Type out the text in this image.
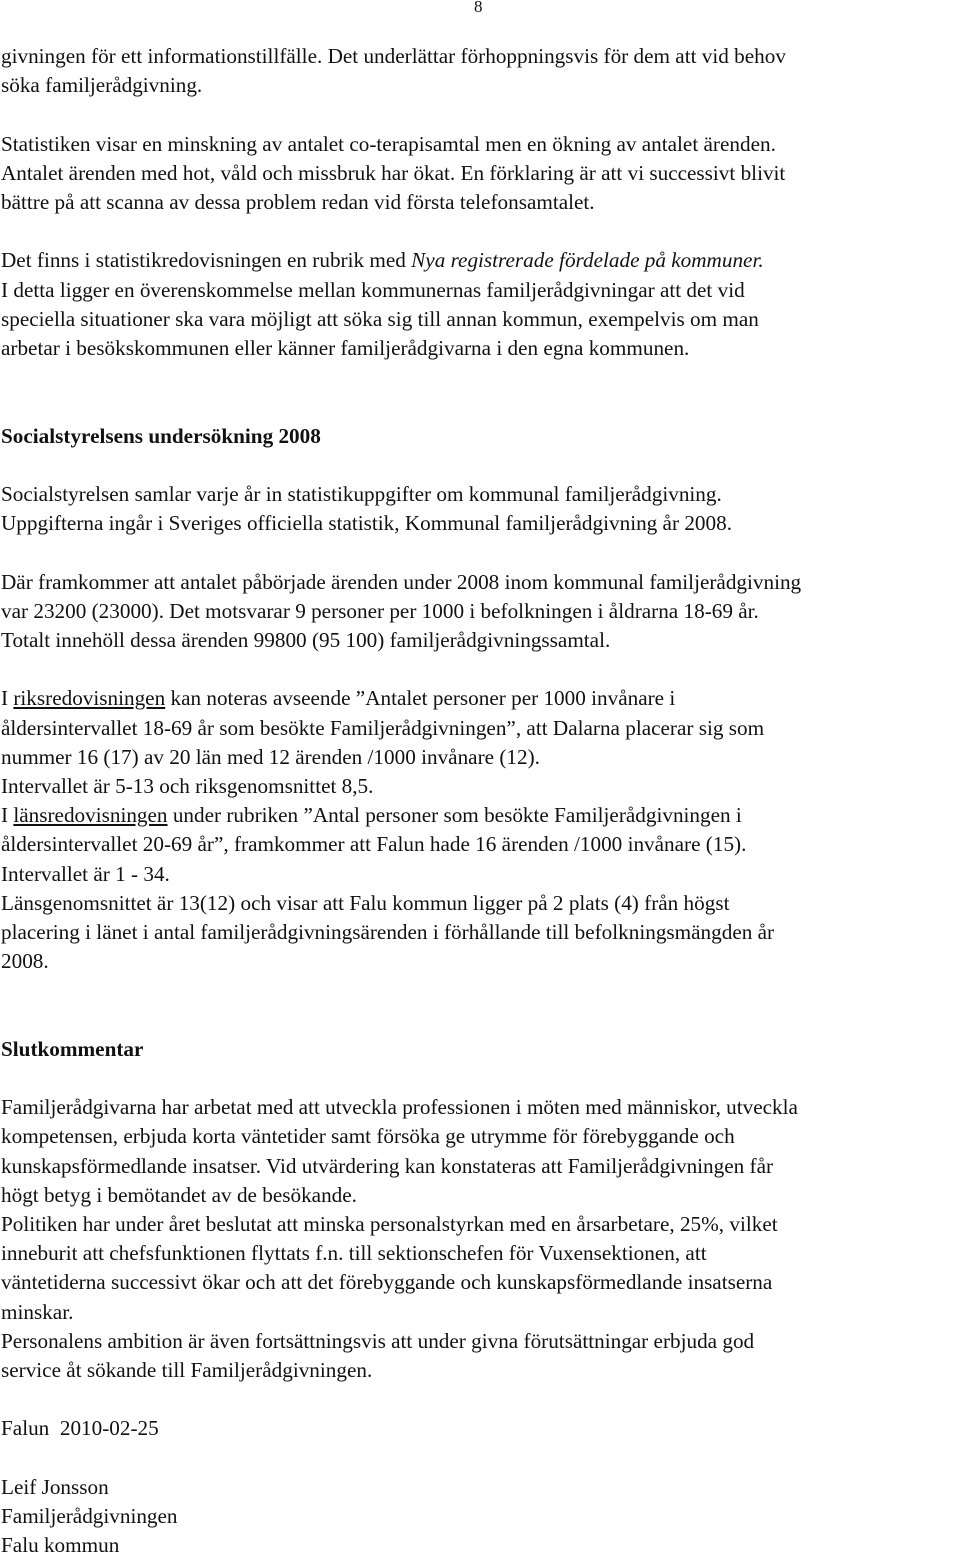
8

givningen för ett informationstillfälle. Det underlättar förhoppningsvis för dem att vid behov

söka familjerådgivning.

Statistiken visar en minskning av antalet co-terapisamtal men en ökning av antalet ärenden.

Antalet ärenden med hot, våld och missbruk har ökat. En förklaring är att vi successivt blivit

bättre på att scanna av dessa problem redan vid första telefonsamtalet.

Det finns i statistikredovisningen en rubrik med Nya registrerade fördelade på kommuner.

I detta ligger en överenskommelse mellan kommunernas familjerådgivningar att det vid

speciella situationer ska vara möjligt att söka sig till annan kommun, exempelvis om man

arbetar i besökskommunen eller känner familjerådgivarna i den egna kommunen.

Socialstyrelsens undersökning 2008

Socialstyrelsen samlar varje år in statistikuppgifter om kommunal familjerådgivning.

Uppgifterna ingår i Sveriges officiella statistik, Kommunal familjerådgivning år 2008.

Där framkommer att antalet påbörjade ärenden under 2008 inom kommunal familjerådgivning

var 23200 (23000). Det motsvarar 9 personer per 1000 i befolkningen i åldrarna 18-69 år.

Totalt innehöll dessa ärenden 99800 (95 100) familjerådgivningssamtal.

I riksredovisningen kan noteras avseende ”Antalet personer per 1000 invånare i

åldersintervallet 18-69 år som besökte Familjerådgivningen”, att Dalarna placerar sig som

nummer 16 (17) av 20 län med 12 ärenden /1000 invånare (12).

Intervallet är 5-13 och riksgenomsnittet 8,5.

I länsredovisningen under rubriken ”Antal personer som besökte Familjerådgivningen i

åldersintervallet 20-69 år”, framkommer att Falun hade 16 ärenden /1000 invånare (15).

Intervallet är 1 - 34.

Länsgenomsnittet är 13(12) och visar att Falu kommun ligger på 2 plats (4) från högst

placering i länet i antal familjerådgivningsärenden i förhållande till befolkningsmängden år

2008.

Slutkommentar

Familjerådgivarna har arbetat med att utveckla professionen i möten med människor, utveckla

kompetensen, erbjuda korta väntetider samt försöka ge utrymme för förebyggande och

kunskapsförmedlande insatser. Vid utvärdering kan konstateras att Familjerådgivningen får

högt betyg i bemötandet av de besökande.

Politiken har under året beslutat att minska personalstyrkan med en årsarbetare, 25%, vilket

inneburit att chefsfunktionen flyttats f.n. till sektionschefen för Vuxensektionen, att

väntetiderna successivt ökar och att det förebyggande och kunskapsförmedlande insatserna

minskar.

Personalens ambition är även fortsättningsvis att under givna förutsättningar erbjuda god

service åt sökande till Familjerådgivningen.

Falun  2010-02-25

Leif Jonsson

Familjerådgivningen

Falu kommun
